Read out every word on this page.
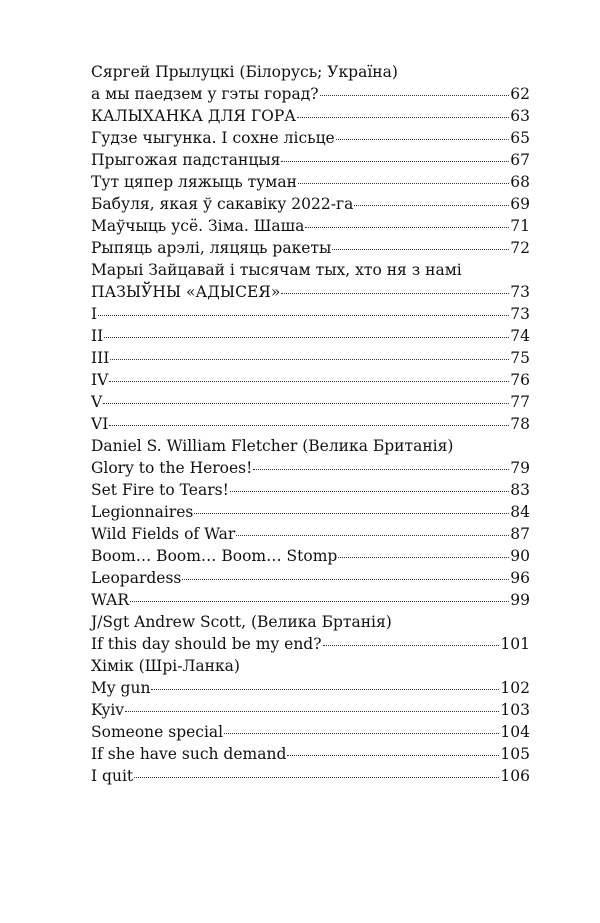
Сяргей Прылуцкі (Білорусь; Україна)
а мы паедзем у гэты горад?	62
КАЛЫХАНКА ДЛЯ ГОРА	63
Гудзе чыгунка. І сохне лісьце	65
Прыгожая падстанцыя	67
Тут цяпер ляжыць туман	68
Бабуля, якая ў сакавіку 2022-га	69
Маўчыць усё. Зіма. Шаша	71
Рыпяць арэлі, ляцяць ракеты	72
Марыі Зайцавай і тысячам тых, хто ня з намі
ПАЗЫЎНЫ «АДЫСЕЯ»	73
I	73
II	74
III	75
IV	76
V	77
VI	78
Daniel S. William Fletcher (Велика Британія)
Glory to the Heroes!	79
Set Fire to Tears!	83
Legionnaires	84
Wild Fields of War	87
Boom… Boom… Boom… Stomp	90
Leopardess	96
WAR	99
J/Sgt Andrew Scott, (Велика Бртанія)
If this day should be my end?	101
Хімік (Шрі-Ланка)
My gun	102
Kyiv	103
Someone special	104
If she have such demand	105
I quit	106
